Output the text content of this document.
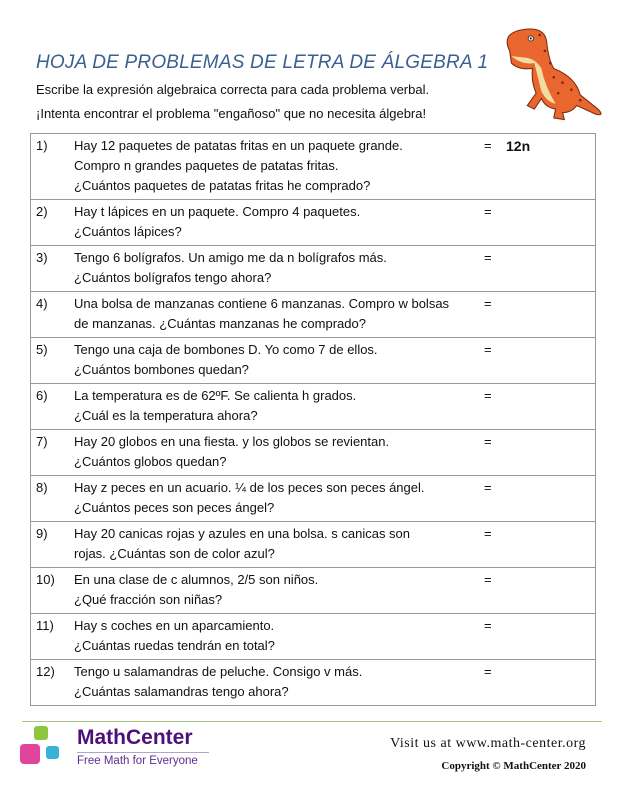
HOJA DE PROBLEMAS DE LETRA DE ÁLGEBRA 1
Escribe la expresión algebraica correcta para cada problema verbal.
¡Intenta encontrar el problema "engañoso" que no necesita álgebra!
1)	Hay 12 paquetes de patatas fritas en un paquete grande.
Compro n grandes paquetes de patatas fritas.
¿Cuántos paquetes de patatas fritas he comprado?	=	12n
2)	Hay t lápices en un paquete. Compro 4 paquetes.
¿Cuántos lápices?	=	
3)	Tengo 6 bolígrafos. Un amigo me da n bolígrafos más.
¿Cuántos bolígrafos tengo ahora?	=	
4)	Una bolsa de manzanas contiene 6 manzanas. Compro w bolsas
de manzanas. ¿Cuántas manzanas he comprado?	=	
5)	Tengo una caja de bombones D. Yo como 7 de ellos.
¿Cuántos bombones quedan?	=	
6)	La temperatura es de 62ºF. Se calienta h grados.
¿Cuál es la temperatura ahora?	=	
7)	Hay 20 globos en una fiesta. y los globos se revientan.
¿Cuántos globos quedan?	=	
8)	Hay z peces en un acuario. ¼ de los peces son peces ángel.
¿Cuántos peces son peces ángel?	=	
9)	Hay 20 canicas rojas y azules en una bolsa. s canicas son
rojas. ¿Cuántas son de color azul?	=	
10)	En una clase de c alumnos, 2/5 son niños.
¿Qué fracción son niñas?	=	
11)	Hay s coches en un aparcamiento.
¿Cuántas ruedas tendrán en total?	=	
12)	Tengo u salamandras de peluche. Consigo v más.
¿Cuántas salamandras tengo ahora?	=	
MathCenter
Free Math for Everyone
Visit us at www.math-center.org
Copyright © MathCenter 2020
